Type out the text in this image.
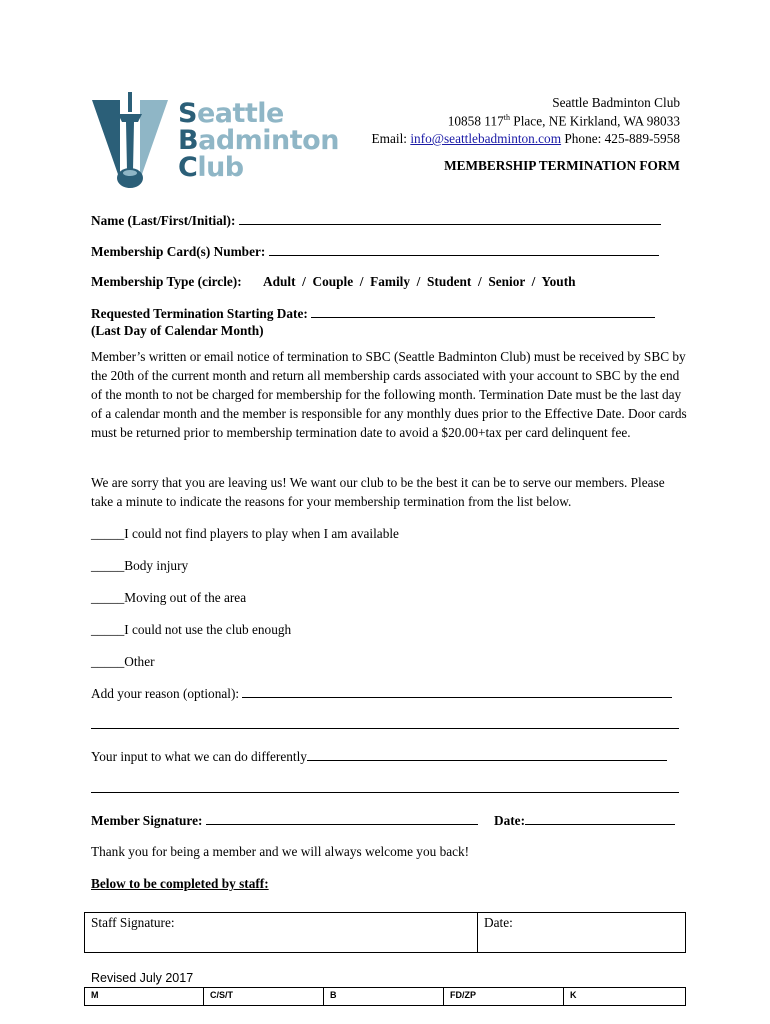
Seattle
Badminton
Club
Seattle Badminton Club
10858 117th Place, NE Kirkland, WA 98033
Email: info@seattlebadminton.com Phone: 425-889-5958
MEMBERSHIP TERMINATION FORM
Name (Last/First/Initial):
Membership Card(s) Number:
Membership Type (circle): Adult  /  Couple  /  Family  /  Student  /  Senior  /  Youth
Requested Termination Starting Date:
(Last Day of Calendar Month)
Member’s written or email notice of termination to SBC (Seattle Badminton Club) must be received by SBC by the 20th of the current month and return all membership cards associated with your account to SBC by the end of the month to not be charged for membership for the following month. Termination Date must be the last day of a calendar month and the member is responsible for any monthly dues prior to the Effective Date. Door cards must be returned prior to membership termination date to avoid a $20.00+tax per card delinquent fee.
We are sorry that you are leaving us! We want our club to be the best it can be to serve our members. Please take a minute to indicate the reasons for your membership termination from the list below.
_____I could not find players to play when I am available
_____Body injury
_____Moving out of the area
_____I could not use the club enough
_____Other
Add your reason (optional):
Your input to what we can do differently
Member Signature:	Date:
Thank you for being a member and we will always welcome you back!
Below to be completed by staff:
Staff Signature:	Date:
Revised July 2017
M	C/S/T	B	FD/ZP	K
